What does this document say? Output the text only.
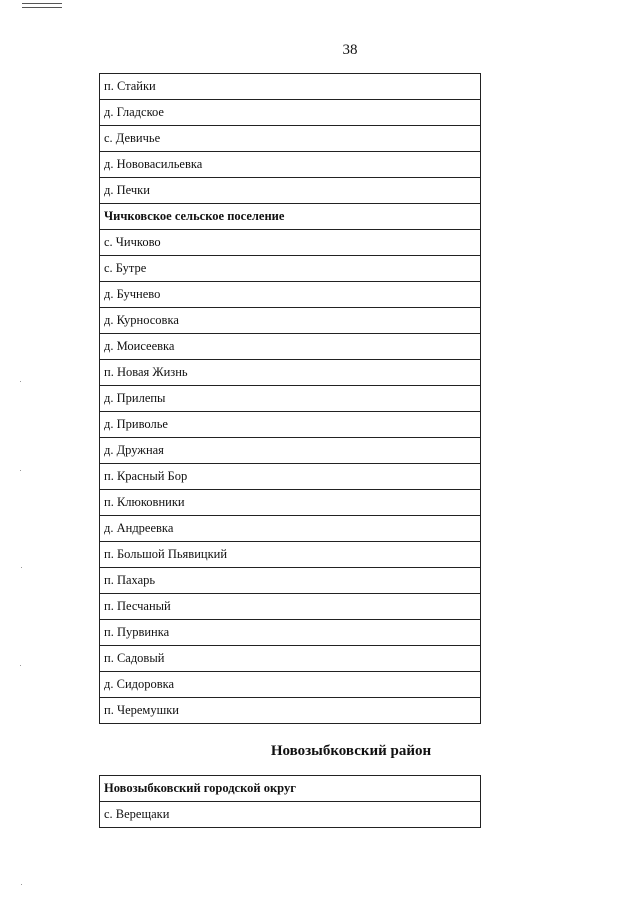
38
п. Стайки
д. Гладское
с. Девичье
д. Нововасильевка
д. Печки
Чичковское сельское поселение
с. Чичково
с. Бутре
д. Бучнево
д. Курносовка
д. Моисеевка
п. Новая Жизнь
д. Прилепы
д. Приволье
д. Дружная
п. Красный Бор
п. Клюковники
д. Андреевка
п. Большой Пьявицкий
п. Пахарь
п. Песчаный
п. Пурвинка
п. Садовый
д. Сидоровка
п. Черемушки
Новозыбковский район
Новозыбковский городской округ
с. Верещаки
